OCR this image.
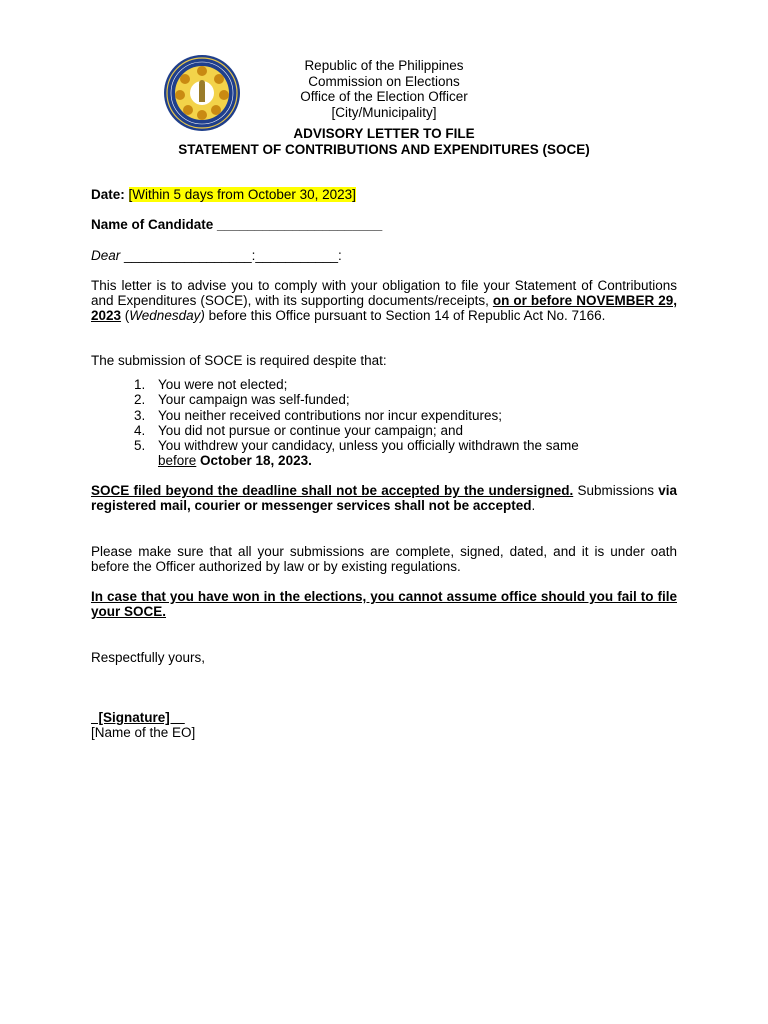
Republic of the Philippines
Commission on Elections
Office of the Election Officer
[City/Municipality]
ADVISORY LETTER TO FILE
STATEMENT OF CONTRIBUTIONS AND EXPENDITURES (SOCE)
Date: [Within 5 days from October 30, 2023]
Name of Candidate ______________________
Dear _________________:___________:
This letter is to advise you to comply with your obligation to file your Statement of Contributions and Expenditures (SOCE), with its supporting documents/receipts, on or before NOVEMBER 29, 2023 (Wednesday) before this Office pursuant to Section 14 of Republic Act No. 7166.
The submission of SOCE is required despite that:
1. You were not elected;
2. Your campaign was self-funded;
3. You neither received contributions nor incur expenditures;
4. You did not pursue or continue your campaign; and
5. You withdrew your candidacy, unless you officially withdrawn the same
before October 18, 2023.
SOCE filed beyond the deadline shall not be accepted by the undersigned. Submissions via registered mail, courier or messenger services shall not be accepted.
Please make sure that all your submissions are complete, signed, dated, and it is under oath before the Officer authorized by law or by existing regulations.
In case that you have won in the elections, you cannot assume office should you fail to file your SOCE.
Respectfully yours,
[Signature]
[Name of the EO]
